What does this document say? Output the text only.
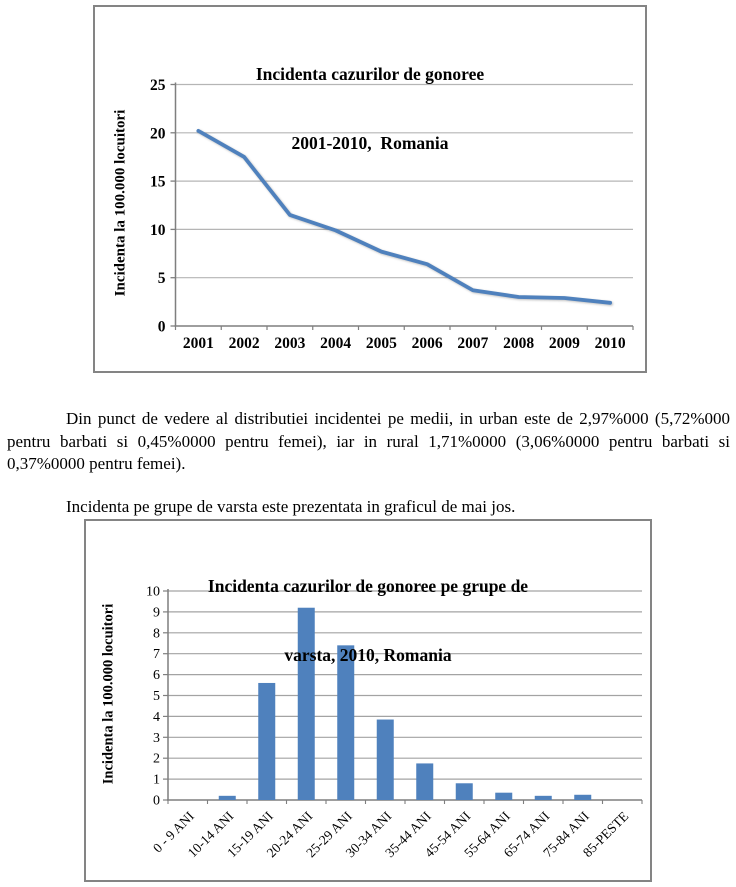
0
5
10
15
20
25
2001 2002 2003 2004 2005 2006 2007 2008 2009 2010

Incidenta cazurilor de gonoree

2001-2010,  Romania

Incidenta la 100.000 locuitori

Din punct de vedere al distributiei incidentei pe medii, in urban este de 2,97%000 (5,72%000 pentru barbati si 0,45%0000 pentru femei), iar in rural 1,71%0000 (3,06%0000 pentru barbati si 0,37%0000 pentru femei).

Incidenta pe grupe de varsta este prezentata in graficul de mai jos.

0
1
2
3
4
5
6
7
8
9
10
0 - 9 ANI
10-14 ANI
15-19 ANI
20-24 ANI
25-29 ANI
30-34 ANI
35-44 ANI
45-54 ANI
55-64 ANI
65-74 ANI
75-84 ANI
85-PESTE

Incidenta cazurilor de gonoree pe grupe de

varsta, 2010, Romania

Incidenta la 100.000 locuitori
